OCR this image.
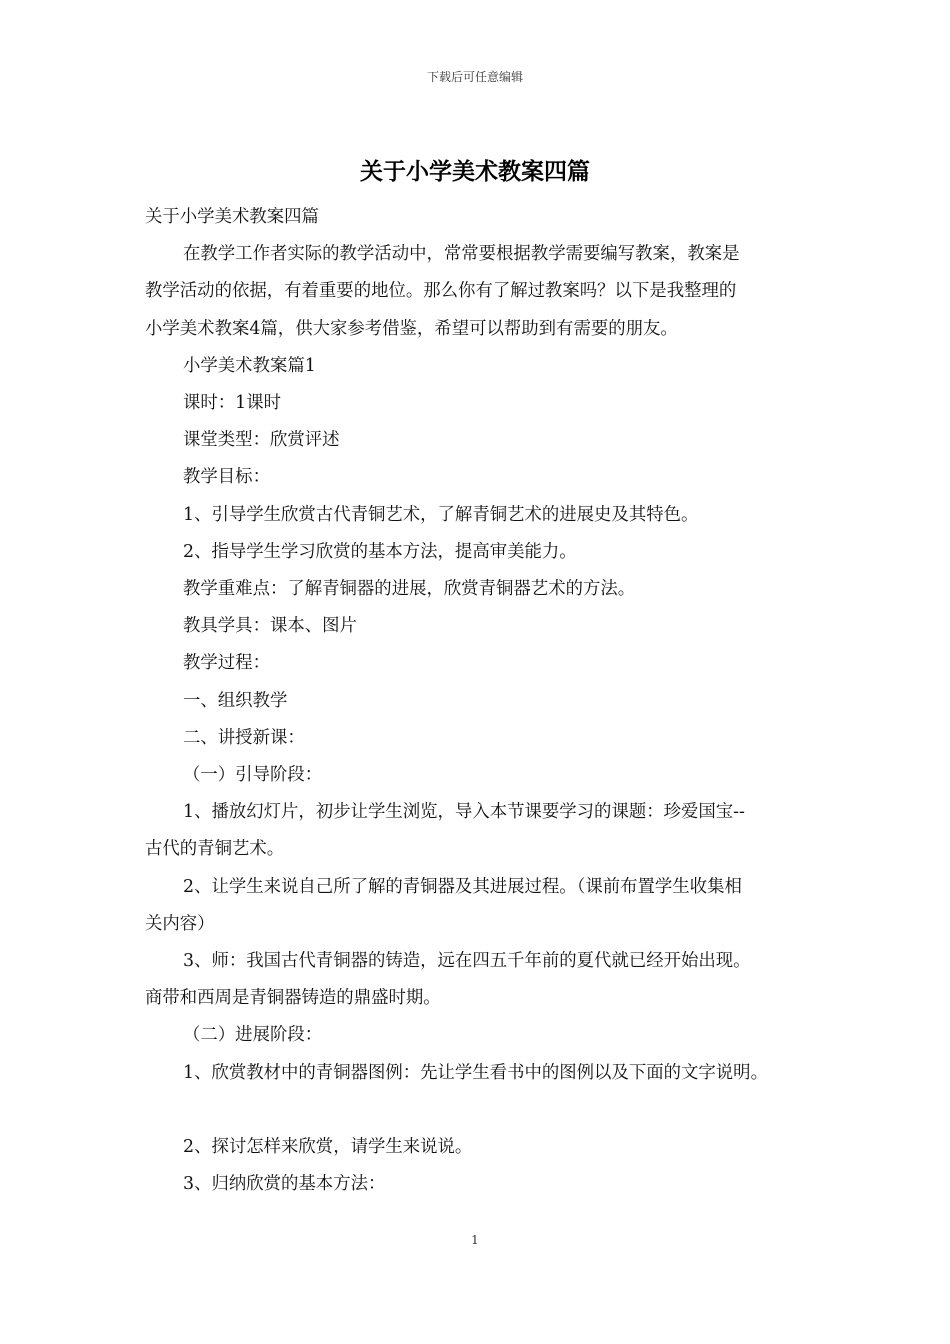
下载后可任意编辑
关于小学美术教案四篇

关于小学美术教案四篇

在教学工作者实际的教学活动中，常常要根据教学需要编写教案，教案是

教学活动的依据，有着重要的地位。那么你有了解过教案吗？以下是我整理的

小学美术教案4篇，供大家参考借鉴，希望可以帮助到有需要的朋友。

小学美术教案篇1

课时：1课时

课堂类型：欣赏评述

教学目标：

1、引导学生欣赏古代青铜艺术，了解青铜艺术的进展史及其特色。

2、指导学生学习欣赏的基本方法，提高审美能力。

教学重难点：了解青铜器的进展，欣赏青铜器艺术的方法。

教具学具：课本、图片

教学过程：

一、组织教学

二、讲授新课：

（一）引导阶段：

1、播放幻灯片，初步让学生浏览，导入本节课要学习的课题：珍爱国宝--

古代的青铜艺术。

2、让学生来说自己所了解的青铜器及其进展过程。（课前布置学生收集相

关内容）

3、师：我国古代青铜器的铸造，远在四五千年前的夏代就已经开始出现。

商带和西周是青铜器铸造的鼎盛时期。

（二）进展阶段：

1、欣赏教材中的青铜器图例：先让学生看书中的图例以及下面的文字说明。

2、探讨怎样来欣赏，请学生来说说。

3、归纳欣赏的基本方法：

1
